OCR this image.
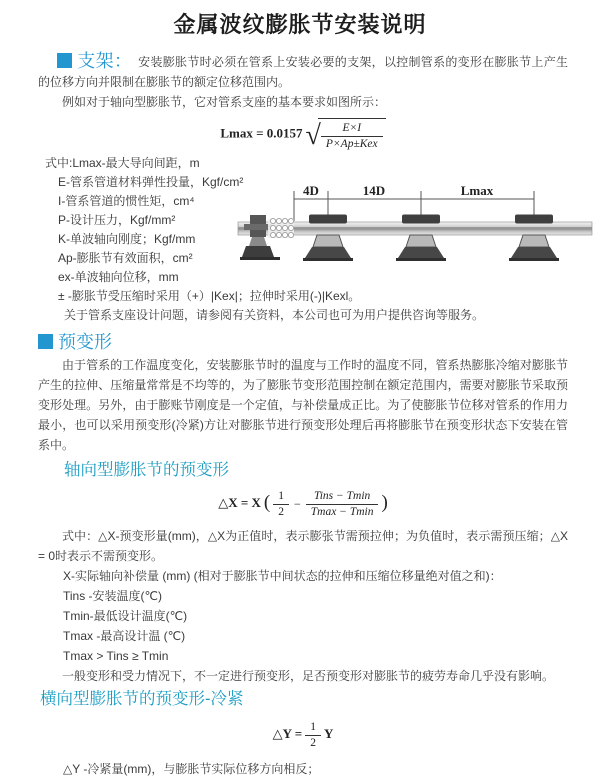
金属波纹膨胀节安装说明

支架： 安装膨胀节时必须在管系上安装必要的支架，以控制管系的变形在膨胀节上产生的位移方向并限制在膨胀节的额定位移范围内。

例如对于轴向型膨胀节，它对管系支座的基本要求如图所示：

Lmax = 0.0157 √ $\frac{E\times I}{\text{P×Ap±Kex}}$
式中:Lmax-最大导向间距，m
E-管系管道材料弹性投量，Kgf/cm²
I-管系管道的惯性矩，cm⁴
P-设计压力，Kgf/mm²
K-单波轴向刚度；Kgf/mm
Ap-膨胀节有效面积，cm²
ex-单波轴向位移，mm
± -膨胀节受压缩时采用（+）|Kex|；拉伸时采用(-)|Kexl。
关于管系支座设计问题，请参阅有关资料，本公司也可为用户提供咨询等服务。
4D	14D	Lmax
预变形

由于管系的工作温度变化，安装膨胀节时的温度与工作时的温度不同，管系热膨胀冷缩对膨胀节产生的拉伸、压缩量常常是不均等的，为了膨胀节变形范围控制在额定范围内，需要对膨胀节采取预变形处理。另外，由于膨账节刚度是一个定值，与补偿量成正比。为了使膨胀节位移对管系的作用力最小，也可以采用预变形(冷紧)方让对膨胀节进行预变形处理后再将膨胀节在预变形状态下安装在管系中。

轴向型膨胀节的预变形
△X = X ( $\frac{1}{2} - \frac{\text{Tins − Tmin}}{Tmax - Tmin}$ )

式中：△X-预变形量(mm)，△X为正值时，表示膨张节需预拉伸；为负值时，表示需预压缩；△X = 0时表示不需预变形。

X-实际轴向补偿量 (mm) (相对于膨胀节中间状态的拉伸和压缩位移量绝对值之和)：
Tins -安装温度(℃)
Tmin-最低设计温度(℃)
Tmax -最高设计温 (℃)
Tmax > Tins ≥ Tmin

一般变形和受力情况下，不一定进行预变形，足否预变形对膨胀节的疲劳寿命几乎没有影响。

横向型膨胀节的预变形-冷紧
△Y = $\frac{1}{2}$ Y
△Y -冷紧量(mm)，与膨胀节实际位移方向相反；
